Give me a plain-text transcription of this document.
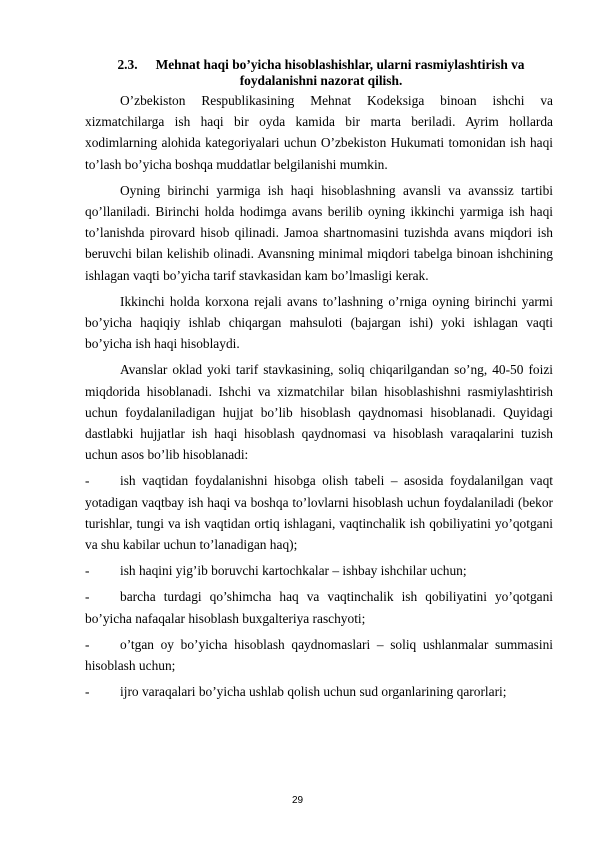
2.3. Mehnat haqi bo’yicha hisoblashishlar, ularni rasmiylashtirish va foydalanishni nazorat qilish.

O’zbekiston Respublikasining Mehnat Kodeksiga binoan ishchi va xizmatchilarga ish haqi bir oyda kamida bir marta beriladi. Ayrim hollarda xodimlarning alohida kategoriyalari uchun O’zbekiston Hukumati tomonidan ish haqi to’lash bo’yicha boshqa muddatlar belgilanishi mumkin.

Oyning birinchi yarmiga ish haqi hisoblashning avansli va avanssiz tartibi qo’llaniladi. Birinchi holda hodimga avans berilib oyning ikkinchi yarmiga ish haqi to’lanishda pirovard hisob qilinadi. Jamoa shartnomasini tuzishda avans miqdori ish beruvchi bilan kelishib olinadi. Avansning minimal miqdori tabelga binoan ishchining ishlagan vaqti bo’yicha tarif stavkasidan kam bo’lmasligi kerak.

Ikkinchi holda korxona rejali avans to’lashning o’rniga oyning birinchi yarmi bo’yicha haqiqiy ishlab chiqargan mahsuloti (bajargan ishi) yoki ishlagan vaqti bo’yicha ish haqi hisoblaydi.

Avanslar oklad yoki tarif stavkasining, soliq chiqarilgandan so’ng, 40-50 foizi miqdorida hisoblanadi. Ishchi va xizmatchilar bilan hisoblashishni rasmiylashtirish uchun foydalaniladigan hujjat bo’lib hisoblash qaydnomasi hisoblanadi. Quyidagi dastlabki hujjatlar ish haqi hisoblash qaydnomasi va hisoblash varaqalarini tuzish uchun asos bo’lib hisoblanadi:

- ish vaqtidan foydalanishni hisobga olish tabeli – asosida foydalanilgan vaqt yotadigan vaqtbay ish haqi va boshqa to’lovlarni hisoblash uchun foydalaniladi (bekor turishlar, tungi va ish vaqtidan ortiq ishlagani, vaqtinchalik ish qobiliyatini yo’qotgani va shu kabilar uchun to’lanadigan haq);
- ish haqini yig’ib boruvchi kartochkalar – ishbay ishchilar uchun;
- barcha turdagi qo’shimcha haq va vaqtinchalik ish qobiliyatini yo’qotgani bo’yicha nafaqalar hisoblash buxgalteriya raschyoti;
- o’tgan oy bo’yicha hisoblash qaydnomaslari – soliq ushlanmalar summasini hisoblash uchun;
- ijro varaqalari bo’yicha ushlab qolish uchun sud organlarining qarorlari;
29
